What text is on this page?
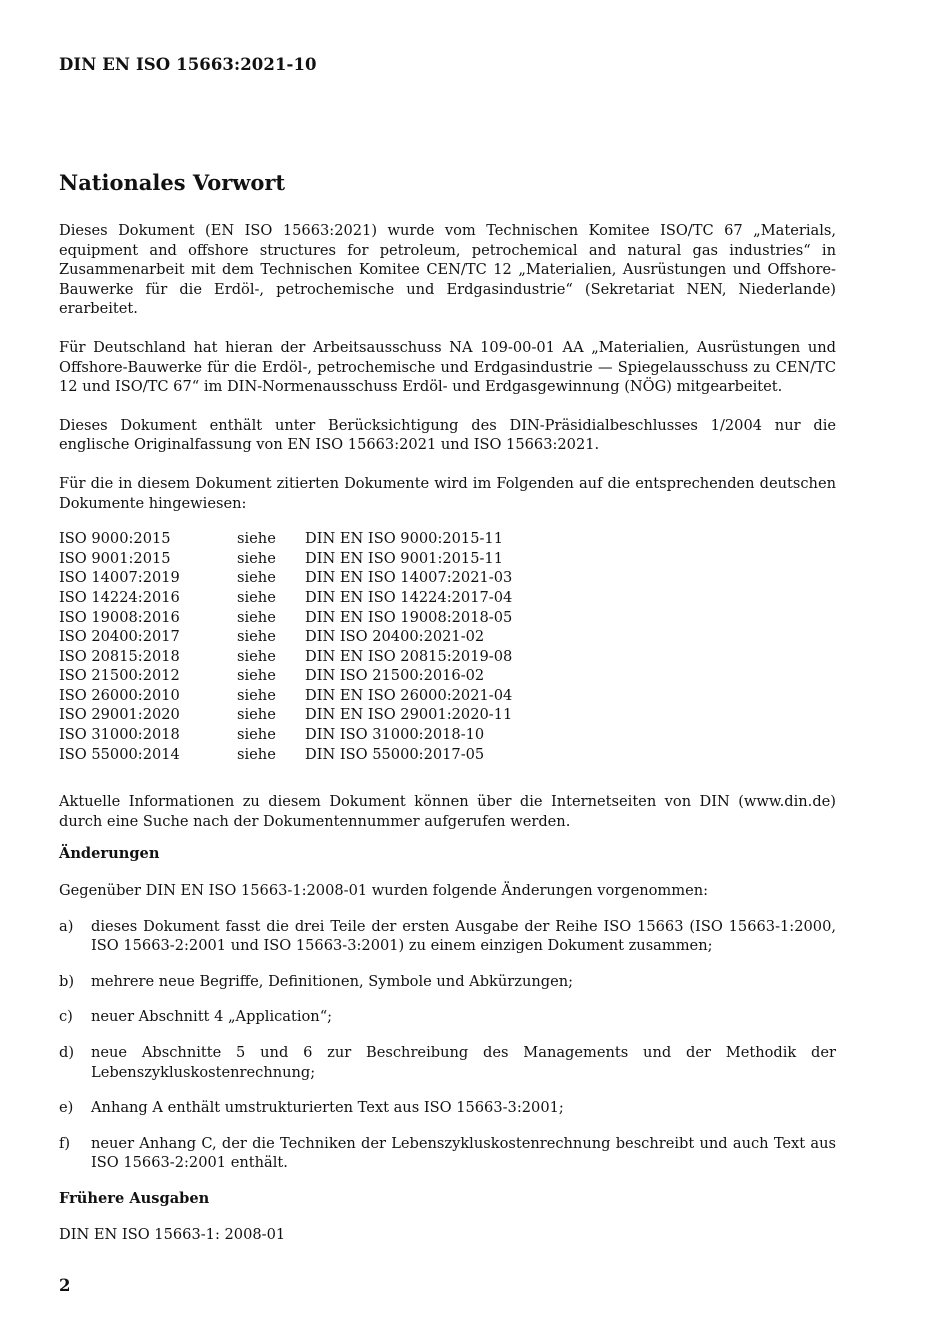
DIN EN ISO 15663:2021-10
Nationales Vorwort

Dieses Dokument (EN ISO 15663:2021) wurde vom Technischen Komitee ISO/TC 67 „Materials, equipment and offshore structures for petroleum, petrochemical and natural gas industries“ in Zusammenarbeit mit dem Technischen Komitee CEN/TC 12 „Materialien, Ausrüstungen und Offshore-Bauwerke für die Erdöl-, petrochemische und Erdgasindustrie“ (Sekretariat NEN, Niederlande) erarbeitet.

Für Deutschland hat hieran der Arbeitsausschuss NA 109-00-01 AA „Materialien, Ausrüstungen und Offshore-Bauwerke für die Erdöl-, petrochemische und Erdgasindustrie — Spiegelausschuss zu CEN/TC 12 und ISO/TC 67“ im DIN-Normenausschuss Erdöl- und Erdgasgewinnung (NÖG) mitgearbeitet.

Dieses Dokument enthält unter Berücksichtigung des DIN-Präsidialbeschlusses 1/2004 nur die englische Originalfassung von EN ISO 15663:2021 und ISO 15663:2021.

Für die in diesem Dokument zitierten Dokumente wird im Folgenden auf die entsprechenden deutschen Dokumente hingewiesen:

ISO 9000:2015	siehe	DIN EN ISO 9000:2015-11
ISO 9001:2015	siehe	DIN EN ISO 9001:2015-11
ISO 14007:2019	siehe	DIN EN ISO 14007:2021-03
ISO 14224:2016	siehe	DIN EN ISO 14224:2017-04
ISO 19008:2016	siehe	DIN EN ISO 19008:2018-05
ISO 20400:2017	siehe	DIN ISO 20400:2021-02
ISO 20815:2018	siehe	DIN EN ISO 20815:2019-08
ISO 21500:2012	siehe	DIN ISO 21500:2016-02
ISO 26000:2010	siehe	DIN EN ISO 26000:2021-04
ISO 29001:2020	siehe	DIN EN ISO 29001:2020-11
ISO 31000:2018	siehe	DIN ISO 31000:2018-10
ISO 55000:2014	siehe	DIN ISO 55000:2017-05

Aktuelle Informationen zu diesem Dokument können über die Internetseiten von DIN (www.din.de) durch eine Suche nach der Dokumentennummer aufgerufen werden.

Änderungen

Gegenüber DIN EN ISO 15663-1:2008-01 wurden folgende Änderungen vorgenommen:

a)	dieses Dokument fasst die drei Teile der ersten Ausgabe der Reihe ISO 15663 (ISO 15663-1:2000, ISO 15663-2:2001 und ISO 15663-3:2001) zu einem einzigen Dokument zusammen;
b)	mehrere neue Begriffe, Definitionen, Symbole und Abkürzungen;
c)	neuer Abschnitt 4 „Application“;
d)	neue Abschnitte 5 und 6 zur Beschreibung des Managements und der Methodik der Lebenszykluskostenrechnung;
e)	Anhang A enthält umstrukturierten Text aus ISO 15663-3:2001;
f)	neuer Anhang C, der die Techniken der Lebenszykluskostenrechnung beschreibt und auch Text aus ISO 15663-2:2001 enthält.
Frühere Ausgaben

DIN EN ISO 15663-1: 2008-01

2
